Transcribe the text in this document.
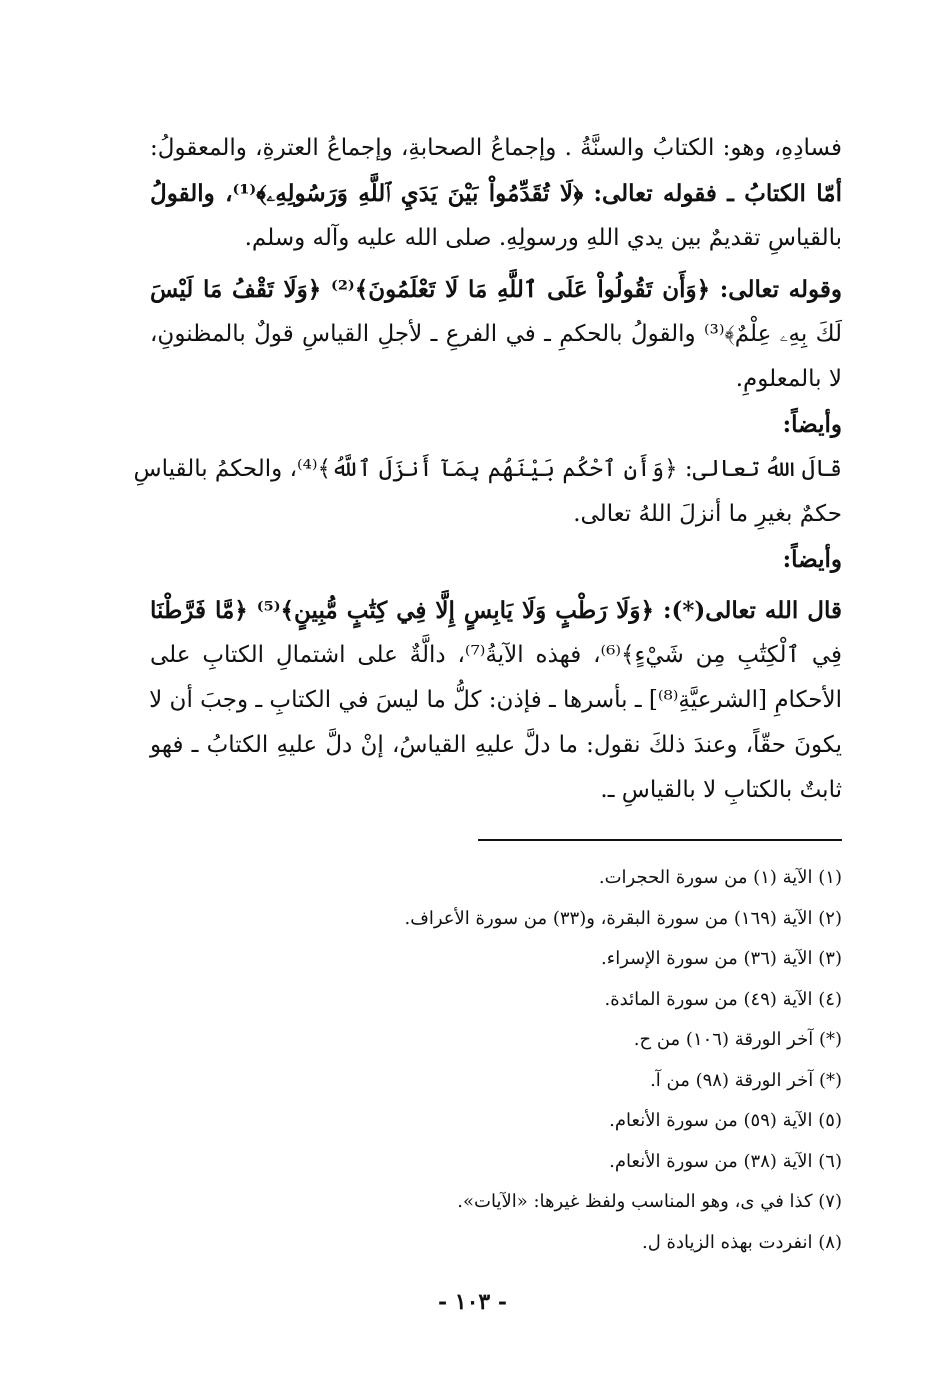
فسادِهِ، وهو: الكتابُ والسنَّةُ . وإجماعُ الصحابةِ، وإجماعُ العترةِ، والمعقولُ:
أمّا الكتابُ ـ فقوله تعالى: ﴿لَا تُقَدِّمُواْ بَيْنَ يَدَيِ ٱللَّهِ وَرَسُولِهِۦ﴾⁽¹⁾، والقولُ
بالقياسِ تقديمٌ بين يدي اللهِ ورسولِهِ. صلى الله عليه وآله وسلم.
وقوله تعالى: ﴿وَأَن تَقُولُواْ عَلَى ٱللَّهِ مَا لَا تَعْلَمُونَ﴾⁽²⁾ ﴿وَلَا تَقْفُ مَا لَيْسَ
لَكَ بِهِۦ عِلْمٌ﴾⁽³⁾ والقولُ بالحكمِ ـ في الفرعِ ـ لأجلِ القياسِ قولٌ بالمظنونِ،
لا بالمعلومِ.
وأيضاً:
قالَ اللهُ تعالى: ﴿وَأَنِ ٱحْكُم بَيْنَهُم بِمَآ أَنزَلَ ٱللَّهُ﴾⁽⁴⁾، والحكمُ بالقياسِ
حكمٌ بغيرِ ما أنزلَ اللهُ تعالى.
وأيضاً:
قال الله تعالى(*): ﴿وَلَا رَطْبٍ وَلَا يَابِسٍ إِلَّا فِي كِتَٰبٍ مُّبِينٍ﴾⁽⁵⁾ ﴿مَّا فَرَّطْنَا
فِي ٱلْكِتَٰبِ مِن شَيْءٍ﴾⁽⁶⁾، فهذه الآيةُ⁽⁷⁾، دالَّةٌ على اشتمالِ الكتابِ على
الأحكامِ [الشرعيَّةِ⁽⁸⁾] ـ بأسرها ـ فإذن: كلُّ ما ليسَ في الكتابِ ـ وجبَ أن لا
يكونَ حقّاً، وعندَ ذلكَ نقول: ما دلَّ عليهِ القياسُ، إنْ دلَّ عليهِ الكتابُ ـ فهو
ثابتٌ بالكتابِ لا بالقياسِ ـ.
(١) الآية (١) من سورة الحجرات.
(٢) الآية (١٦٩) من سورة البقرة، و(٣٣) من سورة الأعراف.
(٣) الآية (٣٦) من سورة الإسراء.
(٤) الآية (٤٩) من سورة المائدة.
(*) آخر الورقة (١٠٦) من ح.
(*) آخر الورقة (٩٨) من آ.
(٥) الآية (٥٩) من سورة الأنعام.
(٦) الآية (٣٨) من سورة الأنعام.
(٧) كذا في ى، وهو المناسب ولفظ غيرها: «الآيات».
(٨) انفردت بهذه الزيادة ل.
- ١٠٣ -
